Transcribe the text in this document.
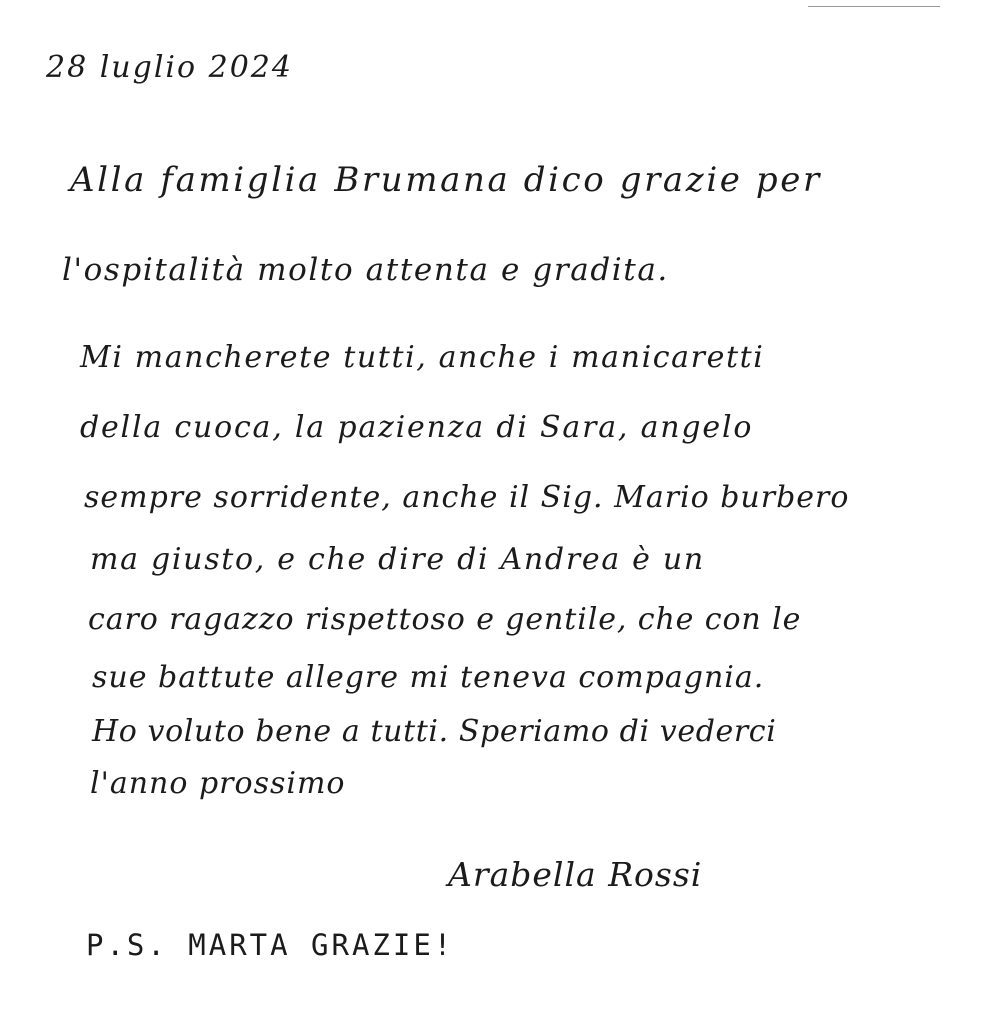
28 luglio 2024
Alla famiglia Brumana dico grazie per
l'ospitalità molto attenta e gradita.
Mi mancherete tutti, anche i manicaretti
della cuoca, la pazienza di Sara, angelo
sempre sorridente, anche il Sig. Mario burbero
ma giusto, e che dire di Andrea è un
caro ragazzo rispettoso e gentile, che con le
sue battute allegre mi teneva compagnia.
Ho voluto bene a tutti. Speriamo di vederci
l'anno prossimo
Arabella Rossi
P.S. MARTA GRAZIE!
